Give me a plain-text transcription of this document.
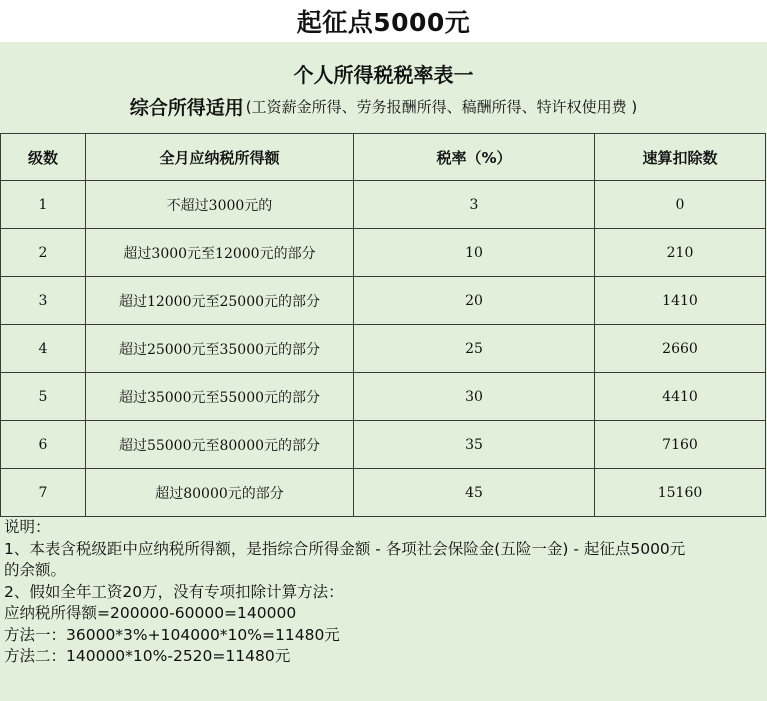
起征点5000元
个人所得税税率表一
综合所得适用 (工资薪金所得、劳务报酬所得、稿酬所得、特许权使用费 )
级数	全月应纳税所得额	税率（%）	速算扣除数
1	不超过3000元的	3	0
2	超过3000元至12000元的部分	10	210
3	超过12000元至25000元的部分	20	1410
4	超过25000元至35000元的部分	25	2660
5	超过35000元至55000元的部分	30	4410
6	超过55000元至80000元的部分	35	7160
7	超过80000元的部分	45	15160
说明：
1、本表含税级距中应纳税所得额，是指综合所得金额 - 各项社会保险金(五险一金) - 起征点5000元
的余额。
2、假如全年工资20万，没有专项扣除计算方法：
应纳税所得额=200000-60000=140000
方法一：36000*3%+104000*10%=11480元
方法二：140000*10%-2520=11480元
